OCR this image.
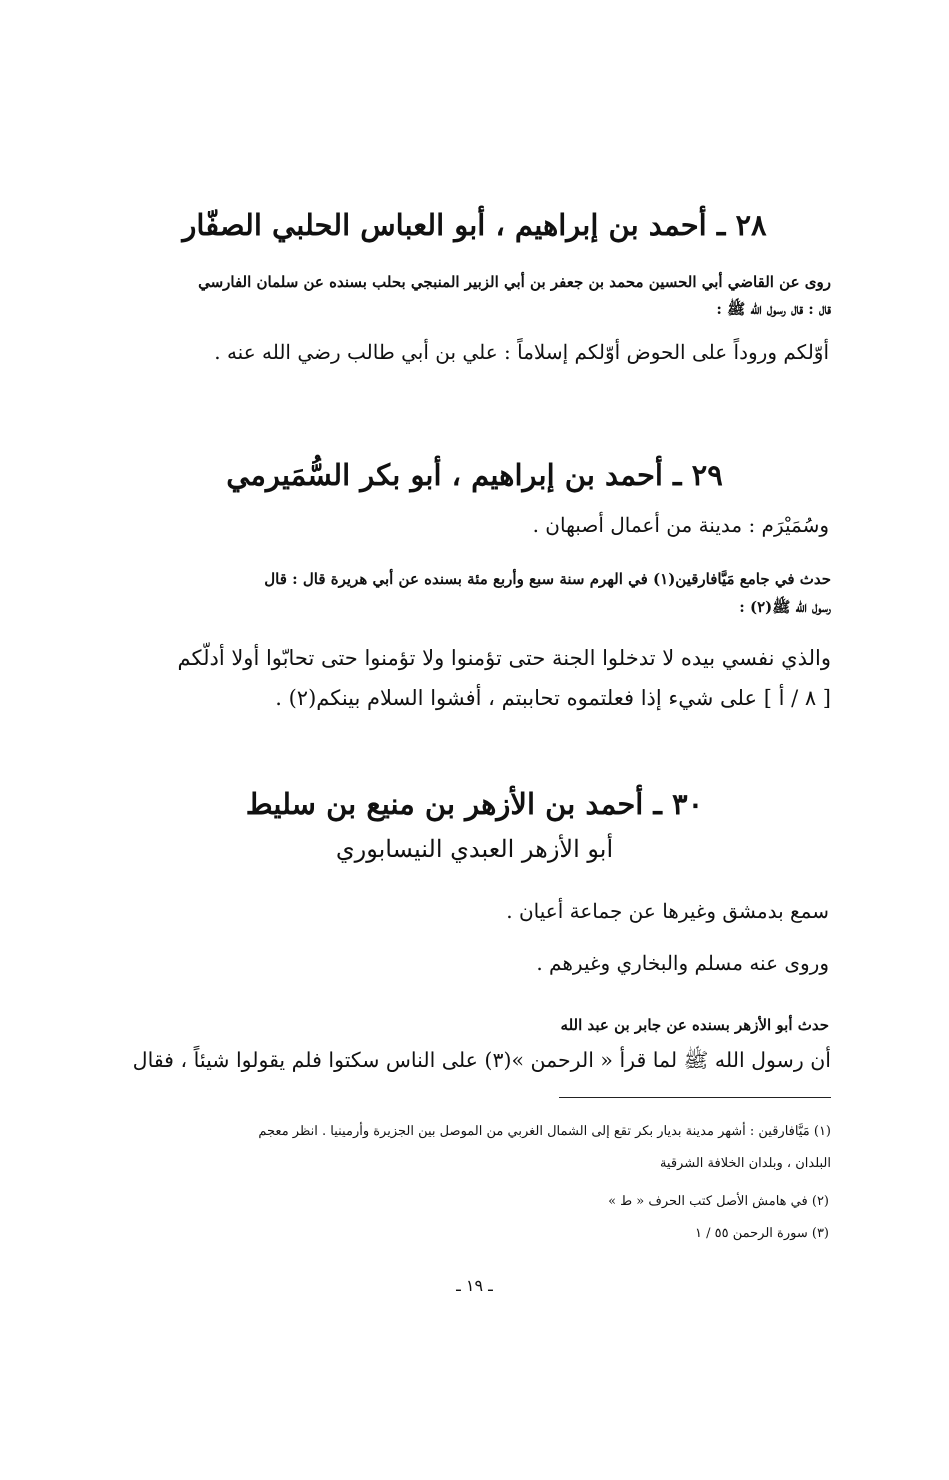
٢٨ ـ أحمد بن إبراهيم ، أبو العباس الحلبي الصفّار
روى عن القاضي أبي الحسين محمد بن جعفر بن أبي الزبير المنبجي بحلب بسنده عن سلمان الفارسي
قال : قال رسول الله ﷺ :
أوّلكم وروداً على الحوض أوّلكم إسلاماً : علي بن أبي طالب رضي الله عنه .
٢٩ ـ أحمد بن إبراهيم ، أبو بكر السُّمَيرمي
وسُمَيْرَم : مدينة من أعمال أصبهان .
حدث في جامع مَيَّافارقين(١) في الهرم سنة سبع وأربع مئة بسنده عن أبي هريرة قال : قال
رسول الله ﷺ(٢) :
والذي نفسي بيده لا تدخلوا الجنة حتى تؤمنوا ولا تؤمنوا حتى تحابّوا أولا أدلّكم
[ ٨ / أ ] على شيء إذا فعلتموه تحاببتم ، أفشوا السلام بينكم(٢) .
٣٠ ـ أحمد بن الأزهر بن منيع بن سليط
أبو الأزهر العبدي النيسابوري
سمع بدمشق وغيرها عن جماعة أعيان .
وروى عنه مسلم والبخاري وغيرهم .
حدث أبو الأزهر بسنده عن جابر بن عبد الله
أن رسول الله ﷺ لما قرأ « الرحمن »(٣) على الناس سكتوا فلم يقولوا شيئاً ، فقال
(١) مَيَّافارقين : أشهر مدينة بديار بكر تقع إلى الشمال الغربي من الموصل بين الجزيرة وأرمينيا . انظر معجم
البلدان ، وبلدان الخلافة الشرقية
(٢) في هامش الأصل كتب الحرف « ط »
(٣) سورة الرحمن ٥٥ / ١
ـ ١٩ ـ
